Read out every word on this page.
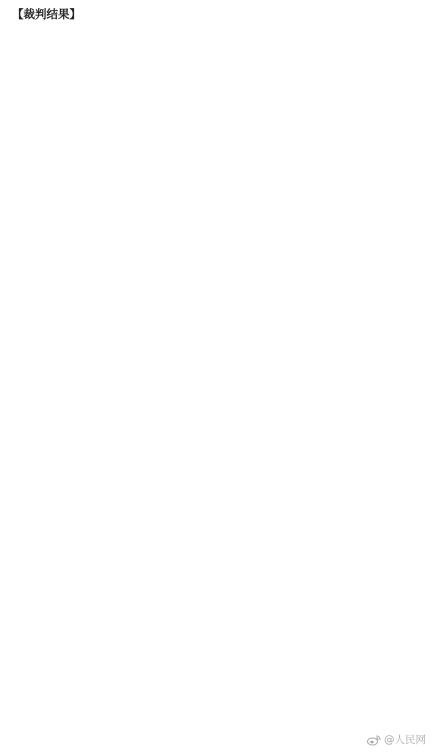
【裁判结果】

@人民网
